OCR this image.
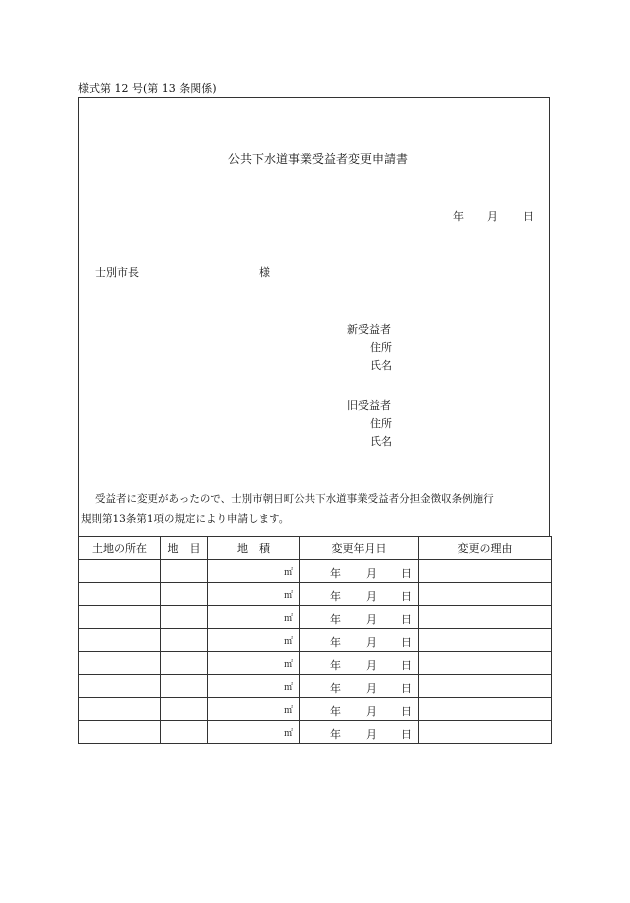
様式第 12 号(第 13 条関係)
公共下水道事業受益者変更申請書
年 月 日
士別市長	様
新受益者
住所
氏名
旧受益者
住所
氏名
受益者に変更があったので、士別市朝日町公共下水道事業受益者分担金徴収条例施行
規則第13条第1項の規定により申請します。
土地の所在	地　目	地　積	変更年月日	変更の理由
		㎡	年 月 日	

		㎡	年 月 日	

		㎡	年 月 日	

		㎡	年 月 日	

		㎡	年 月 日	

		㎡	年 月 日	

		㎡	年 月 日	

		㎡	年 月 日	
